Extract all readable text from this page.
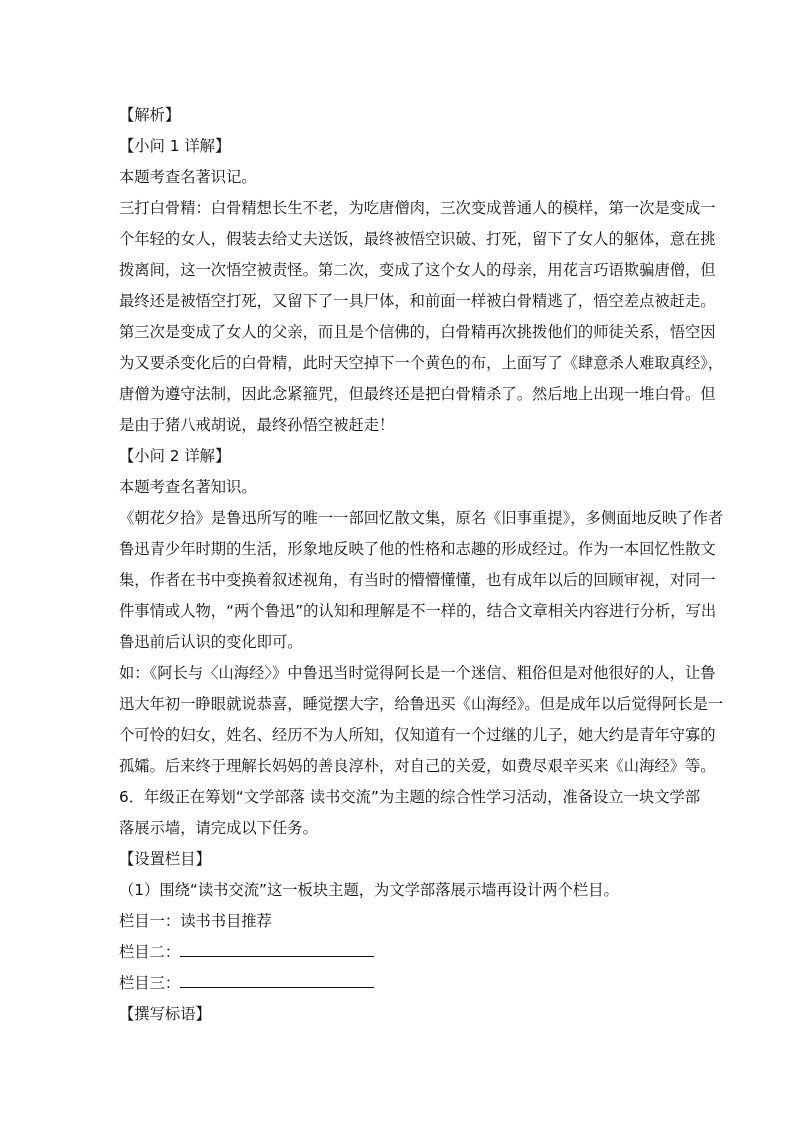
【解析】
【小问 1 详解】
本题考查名著识记。
三打白骨精：白骨精想长生不老，为吃唐僧肉，三次变成普通人的模样，第一次是变成一
个年轻的女人，假装去给丈夫送饭，最终被悟空识破、打死，留下了女人的躯体，意在挑
拨离间，这一次悟空被责怪。第二次，变成了这个女人的母亲，用花言巧语欺骗唐僧，但
最终还是被悟空打死，又留下了一具尸体，和前面一样被白骨精逃了，悟空差点被赶走。
第三次是变成了女人的父亲，而且是个信佛的，白骨精再次挑拨他们的师徒关系，悟空因
为又要杀变化后的白骨精，此时天空掉下一个黄色的布，上面写了《肆意杀人难取真经》，
唐僧为遵守法制，因此念紧箍咒，但最终还是把白骨精杀了。然后地上出现一堆白骨。但
是由于猪八戒胡说，最终孙悟空被赶走！
【小问 2 详解】
本题考查名著知识。
《朝花夕拾》是鲁迅所写的唯一一部回忆散文集，原名《旧事重提》，多侧面地反映了作者
鲁迅青少年时期的生活，形象地反映了他的性格和志趣的形成经过。作为一本回忆性散文
集，作者在书中变换着叙述视角，有当时的懵懵懂懂，也有成年以后的回顾审视，对同一
件事情或人物，“两个鲁迅”的认知和理解是不一样的，结合文章相关内容进行分析，写出
鲁迅前后认识的变化即可。
如：《阿长与〈山海经〉》中鲁迅当时觉得阿长是一个迷信、粗俗但是对他很好的人，让鲁
迅大年初一睁眼就说恭喜，睡觉摆大字，给鲁迅买《山海经》。但是成年以后觉得阿长是一
个可怜的妇女，姓名、经历不为人所知，仅知道有一个过继的儿子，她大约是青年守寡的
孤孀。后来终于理解长妈妈的善良淳朴，对自己的关爱，如费尽艰辛买来《山海经》等。
6．年级正在筹划“文学部落 读书交流”为主题的综合性学习活动，准备设立一块文学部
落展示墙，请完成以下任务。
【设置栏目】
（1）围绕“读书交流”这一板块主题，为文学部落展示墙再设计两个栏目。
栏目一：读书书目推荐
栏目二：
栏目三：
【撰写标语】
